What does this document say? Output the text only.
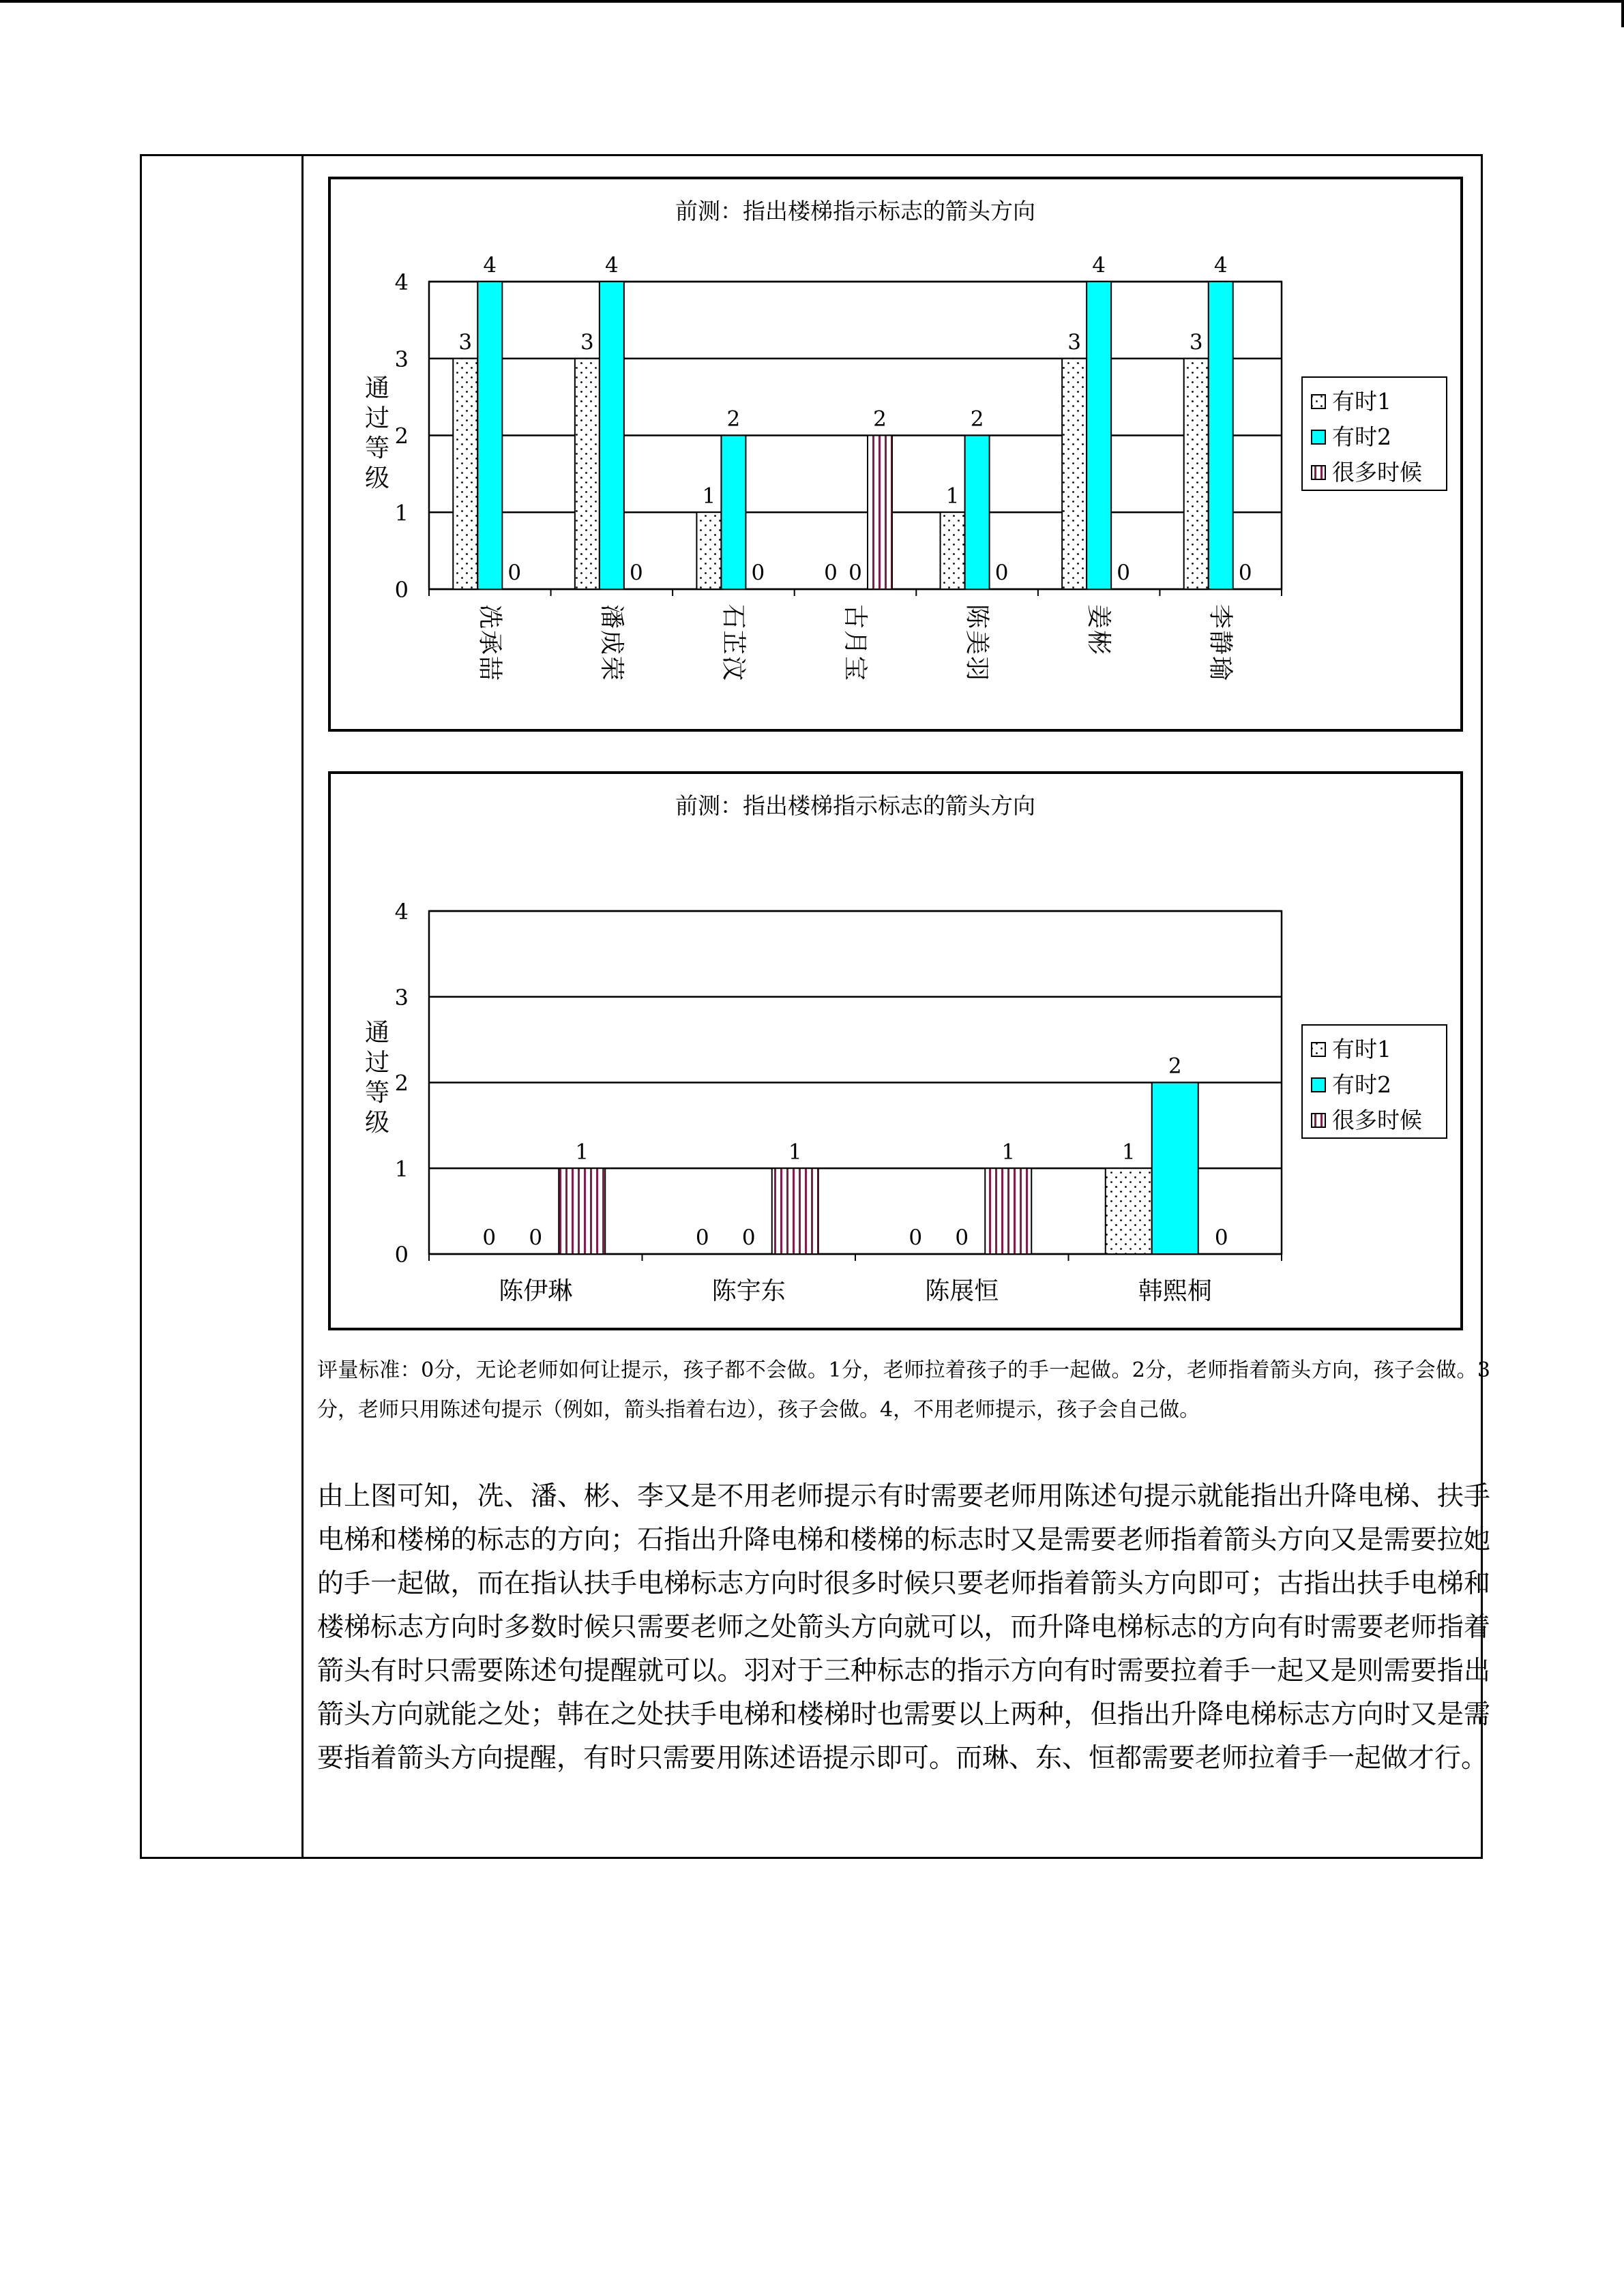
前测：指出楼梯指示标志的箭头方向
0
1
2
3
4
通
过
等
级
3
4
0
冼
承
喆
3
4
0
潘
成
荣
1
2
0
石
芷
汶
0 0
2
古
月
宝
1
2
0
陈
美
羽
3
4
0
姜
彬
3
4
0
李
静
瑜
有时1
有时2
很多时候
前测：指出楼梯指示标志的箭头方向
0
1
2
3
4
通
过
等
级
0 0
1
陈伊琳
0 0
1
陈宇东
0 0
1
陈展恒
1
2
0
韩熙桐
有时1
有时2
很多时候
评量标准：0分，无论老师如何让提示，孩子都不会做。1分，老师拉着孩子的手一起做。2分，老师指着箭头方向，孩子会做。3分，老师只用陈述句提示（例如，箭头指着右边），孩子会做。4，不用老师提示，孩子会自己做。
由上图可知，冼、潘、彬、李又是不用老师提示有时需要老师用陈述句提示就能指出升降电梯、扶手电梯和楼梯的标志的方向；石指出升降电梯和楼梯的标志时又是需要老师指着箭头方向又是需要拉她的手一起做，而在指认扶手电梯标志方向时很多时候只要老师指着箭头方向即可；古指出扶手电梯和楼梯标志方向时多数时候只需要老师之处箭头方向就可以，而升降电梯标志的方向有时需要老师指着箭头有时只需要陈述句提醒就可以。羽对于三种标志的指示方向有时需要拉着手一起又是则需要指出箭头方向就能之处；韩在之处扶手电梯和楼梯时也需要以上两种，但指出升降电梯标志方向时又是需要指着箭头方向提醒，有时只需要用陈述语提示即可。而琳、东、恒都需要老师拉着手一起做才行。
